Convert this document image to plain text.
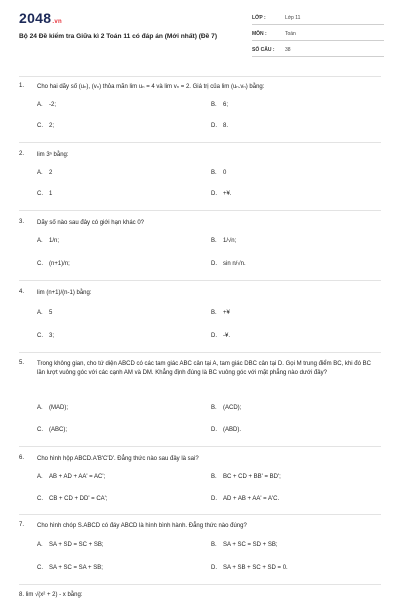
2048.vn
Bộ 24 Đề kiểm tra Giữa kì 2 Toán 11 có đáp án (Mới nhất) (Đề 7)
LỚP :	Lớp 11
MÔN :	Toán
SỐ CÂU : 38
1. Cho hai dãy số (uₙ), (vₙ) thỏa mãn lim uₙ = 4 và lim vₙ = 2. Giá trị của lim (uₙ.vₙ) bằng:
A. -2;	B. 6;
C. 2;	D. 8.
2. lim 3ⁿ bằng:
A. 2	B. 0
C. 1	D. +¥.
3. Dãy số nào sau đây có giới hạn khác 0?
A. 1/n;	B. 1/√n;
C. (n+1)/n;	D. sin n/√n.
4. lim (n+1)/(n-1) bằng:
A. 5	B. +¥
C. 3;	D. -¥.
5. Trong không gian, cho tứ diện ABCD có các tam giác ABC cân tại A, tam giác DBC cân tại D. Gọi M trung điểm BC, khi đó BC lần lượt vuông góc với các cạnh AM và DM. Khẳng định đúng là BC vuông góc với mặt phẳng nào dưới đây?
A. (MAD);	B. (ACD);
C. (ABC);	D. (ABD).
6. Cho hình hộp ABCD.A'B'C'D'. Đẳng thức nào sau đây là sai?
A. AB + AD + AA' = AC';	B. BC + CD + BB' = BD';
C. CB + CD + DD' = CA';	D. AD + AB + AA' = A'C.
7. Cho hình chóp S.ABCD có đáy ABCD là hình bình hành. Đẳng thức nào đúng?
A. SA + SD = SC + SB;	B. SA + SC = SD + SB;
C. SA + SC = SA + SB;	D. SA + SB + SC + SD = 0.
8. lim √(x² + 2) - x bằng:
